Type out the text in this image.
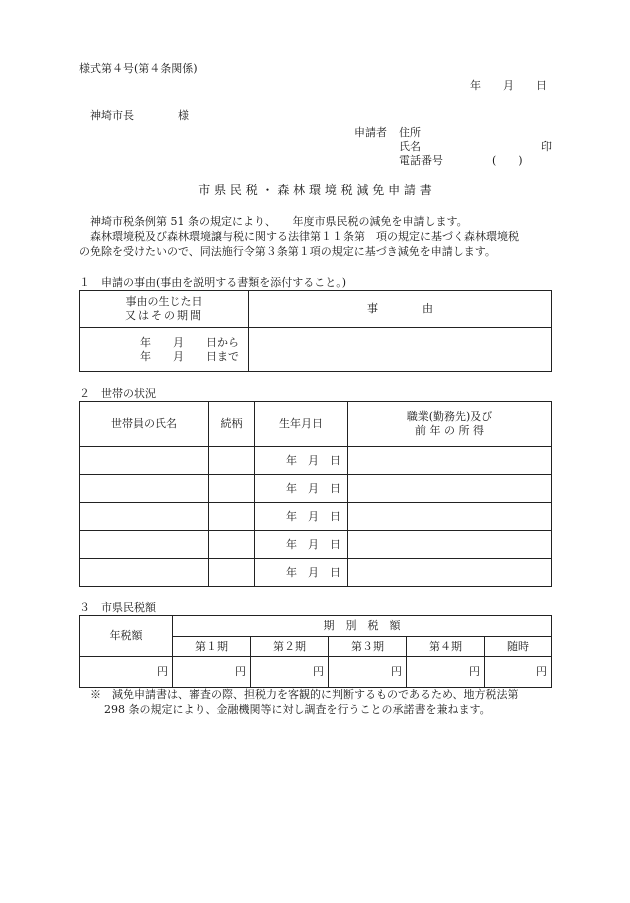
様式第４号(第４条関係)
年　　月　　日
神埼市長　　　　様
申請者 住所
氏名	印
電話番号	(　　)
市 県 民 税 ・ 森 林 環 境 税 減 免 申 請 書
神埼市税条例第 51 条の規定により、　　年度市県民税の減免を申請します。
森林環境税及び森林環境譲与税に関する法律第１１条第　項の規定に基づく森林環境税
の免除を受けたいので、同法施行令第３条第１項の規定に基づき減免を申請します。
１　申請の事由(事由を説明する書類を添付すること。)
事由の生じた日
又はその期間	事　　　　由

年　　月　　日から
年　　月　　日まで	

２　世帯の状況
世帯員の氏名	続柄	生年月日	職業(勤務先)及び
前 年 の 所 得

		年　月　日	
		年　月　日	
		年　月　日	
		年　月　日	
		年　月　日	
３　市県民税額
年税額	期　別　税　額				
	第１期	第２期	第３期	第４期	随時
円	円	円	円	円	円
※　減免申請書は、審査の際、担税力を客観的に判断するものであるため、地方税法第
298 条の規定により、金融機関等に対し調査を行うことの承諾書を兼ねます。
